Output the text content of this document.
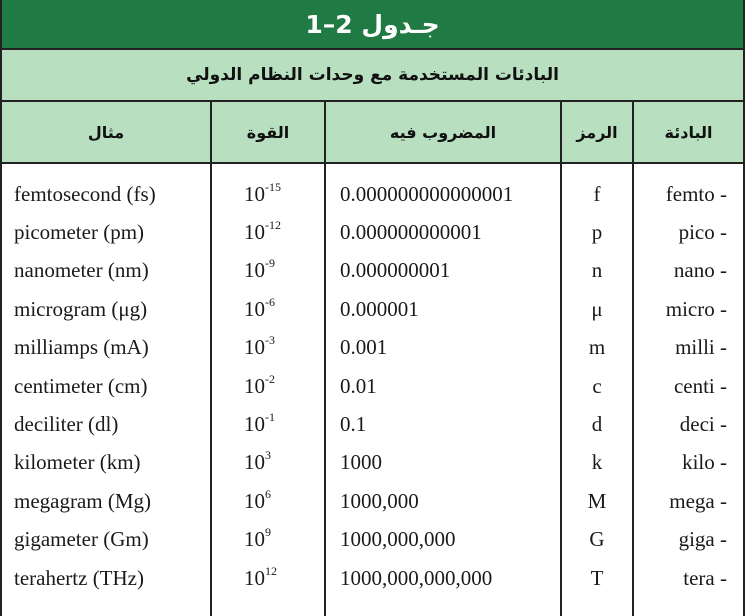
جـدول 2–1
البادئات المستخدمة مع وحدات النظام الدولي
مثال	القوة	المضروب فيه	الرمز	البادئة
femtosecond (fs)	$10^{-15}$	0.000000000000001	f	femto -
picometer (pm)	$10^{-12}$	0.000000000001	p	pico -
nanometer (nm)	$10^{-9}$	0.000000001	n	nano -
microgram (μg)	$10^{-6}$	0.000001	μ	micro -
milliamps (mA)	$10^{-3}$	0.001	m	milli -
centimeter (cm)	$10^{-2}$	0.01	c	centi -
deciliter (dl)	$10^{-1}$	0.1	d	deci -
kilometer (km)	$10^3$	1000	k	kilo -
megagram (Mg)	$10^6$	1000,000	M	mega -
gigameter (Gm)	$10^9$	1000,000,000	G	giga -
terahertz (THz)	$10^{12}$	1000,000,000,000	T	tera -
